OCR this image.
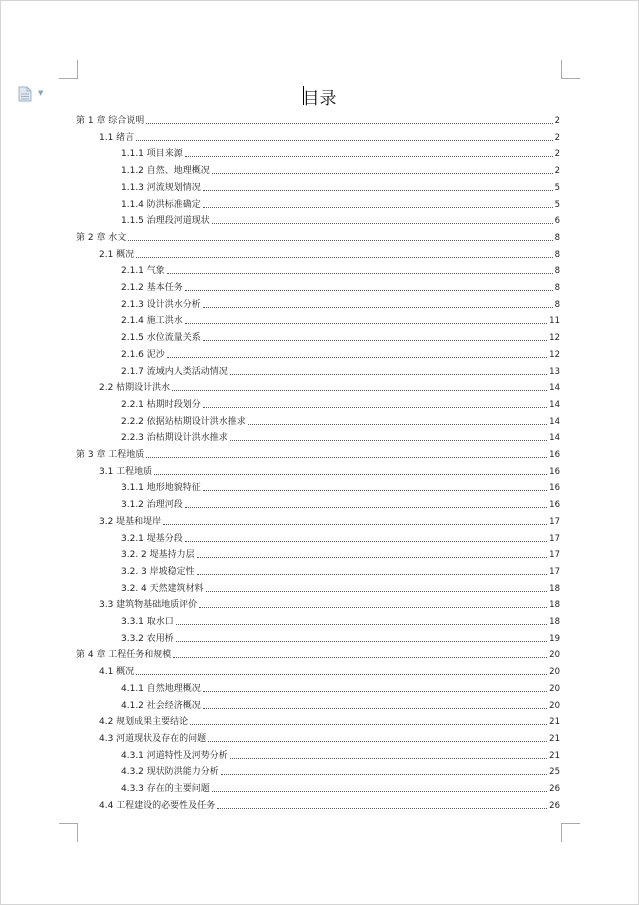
▼	目录
第 1 章 综合说明	2
1.1 绪言	2
1.1.1 项目来源	2
1.1.2 自然、地理概况	2
1.1.3 河流规划情况	5
1.1.4 防洪标准确定	5
1.1.5 治理段河道现状	6
第 2 章 水文	8
2.1 概况	8
2.1.1 气象	8
2.1.2 基本任务	8
2.1.3 设计洪水分析	8
2.1.4 施工洪水	11
2.1.5 水位流量关系	12
2.1.6 泥沙	12
2.1.7 流域内人类活动情况	13
2.2 枯期设计洪水	14
2.2.1 枯期时段划分	14
2.2.2 依据站枯期设计洪水推求	14
2.2.3 治枯期设计洪水推求	14
第 3 章 工程地质	16
3.1 工程地质	16
3.1.1 地形地貌特征	16
3.1.2 治理河段	16
3.2 堤基和堤岸	17
3.2.1 堤基分段	17
3.2. 2 堤基持力层	17
3.2. 3 岸坡稳定性	17
3.2. 4 天然建筑材料	18
3.3 建筑物基础地质评价	18
3.3.1 取水口	18
3.3.2 农用桥	19
第 4 章 工程任务和规模	20
4.1 概况	20
4.1.1 自然地理概况	20
4.1.2 社会经济概况	20
4.2 规划成果主要结论	21
4.3 河道现状及存在的问题	21
4.3.1 河道特性及河势分析	21
4.3.2 现状防洪能力分析	25
4.3.3 存在的主要问题	26
4.4 工程建设的必要性及任务	26
